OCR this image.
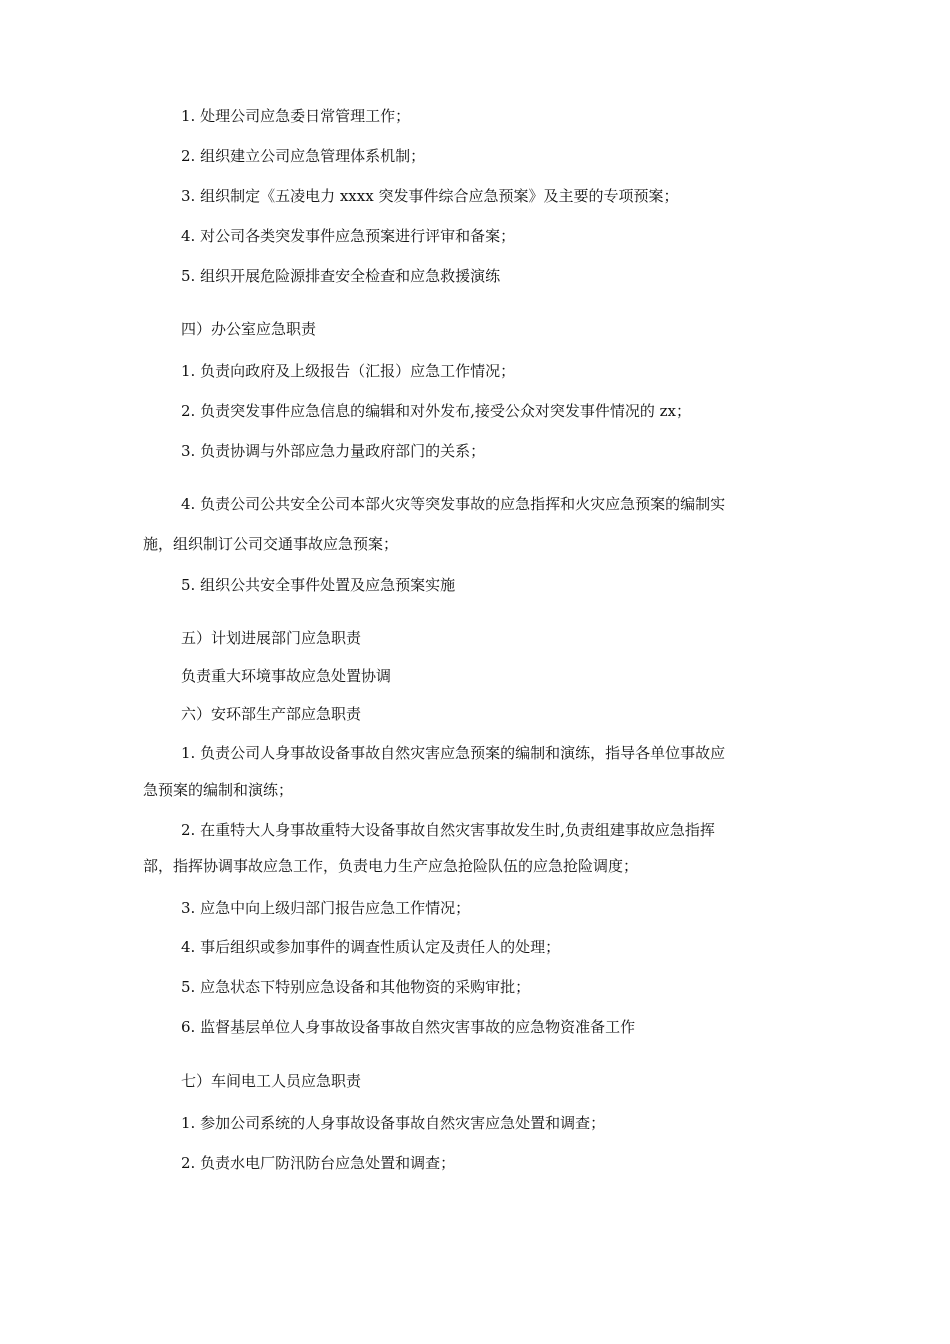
1. 处理公司应急委日常管理工作；
2. 组织建立公司应急管理体系机制；
3. 组织制定《五凌电力 xxxx 突发事件综合应急预案》及主要的专项预案；
4. 对公司各类突发事件应急预案进行评审和备案；
5. 组织开展危险源排查安全检查和应急救援演练
四）办公室应急职责
1. 负责向政府及上级报告（汇报）应急工作情况；
2. 负责突发事件应急信息的编辑和对外发布,接受公众对突发事件情况的 zx；
3. 负责协调与外部应急力量政府部门的关系；
4. 负责公司公共安全公司本部火灾等突发事故的应急指挥和火灾应急预案的编制实
施，组织制订公司交通事故应急预案；
5. 组织公共安全事件处置及应急预案实施
五）计划进展部门应急职责
负责重大环境事故应急处置协调
六）安环部生产部应急职责
1. 负责公司人身事故设备事故自然灾害应急预案的编制和演练，指导各单位事故应
急预案的编制和演练；
2. 在重特大人身事故重特大设备事故自然灾害事故发生时,负责组建事故应急指挥
部，指挥协调事故应急工作，负责电力生产应急抢险队伍的应急抢险调度；
3. 应急中向上级归部门报告应急工作情况；
4. 事后组织或参加事件的调查性质认定及责任人的处理；
5. 应急状态下特别应急设备和其他物资的采购审批；
6. 监督基层单位人身事故设备事故自然灾害事故的应急物资准备工作
七）车间电工人员应急职责
1. 参加公司系统的人身事故设备事故自然灾害应急处置和调查；
2. 负责水电厂防汛防台应急处置和调查；
